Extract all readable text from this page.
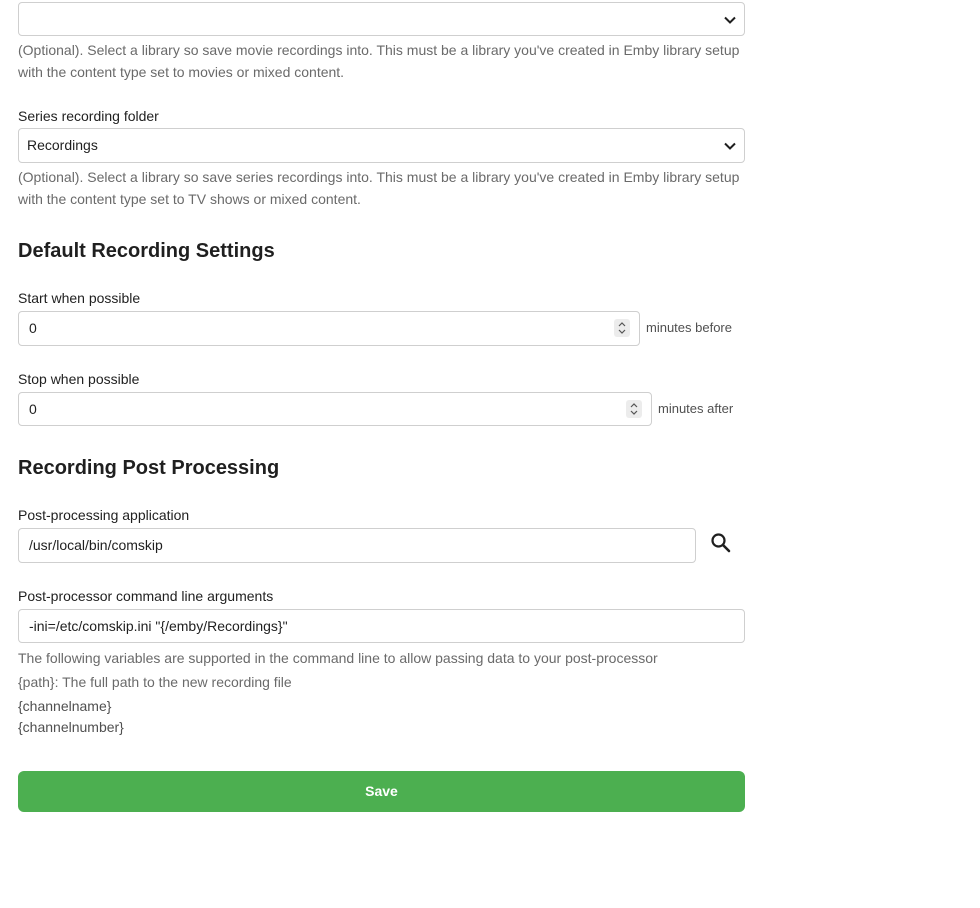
(Optional). Select a library so save movie recordings into. This must be a library you've created in Emby library setup with the content type set to movies or mixed content.
Series recording folder
Recordings
(Optional). Select a library so save series recordings into. This must be a library you've created in Emby library setup with the content type set to TV shows or mixed content.
Default Recording Settings
Start when possible
0	minutes before
Stop when possible
0	minutes after
Recording Post Processing
Post-processing application
/usr/local/bin/comskip
Post-processor command line arguments
-ini=/etc/comskip.ini "{/emby/Recordings}"
The following variables are supported in the command line to allow passing data to your post-processor
{path}: The full path to the new recording file
{channelname}
{channelnumber}
Save
